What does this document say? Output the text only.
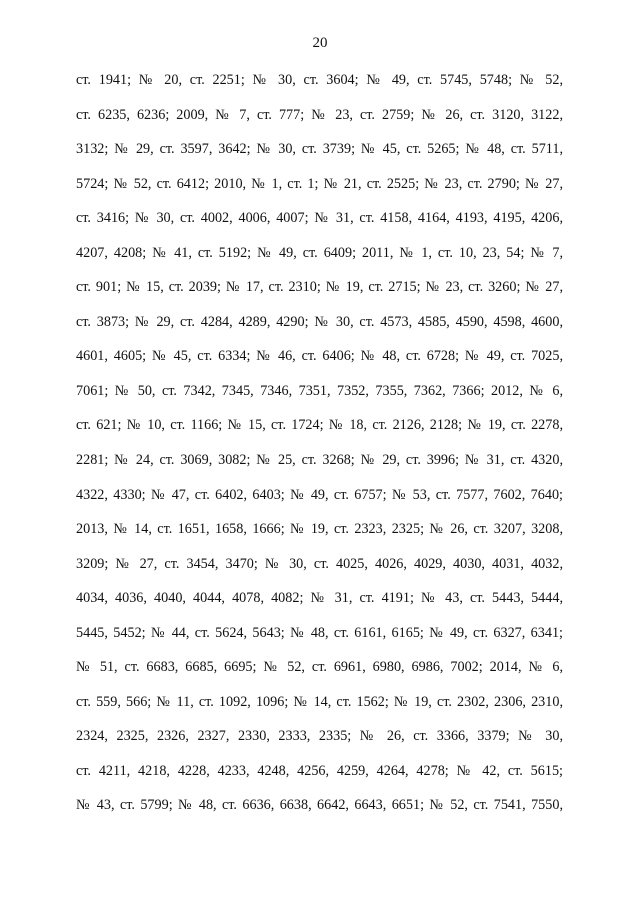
20
ст. 1941; № 20, ст. 2251; № 30, ст. 3604; № 49, ст. 5745, 5748; № 52,
ст. 6235, 6236; 2009, № 7, ст. 777; № 23, ст. 2759; № 26, ст. 3120, 3122,
3132; № 29, ст. 3597, 3642; № 30, ст. 3739; № 45, ст. 5265; № 48, ст. 5711,
5724; № 52, ст. 6412; 2010, № 1, ст. 1; № 21, ст. 2525; № 23, ст. 2790; № 27,
ст. 3416; № 30, ст. 4002, 4006, 4007; № 31, ст. 4158, 4164, 4193, 4195, 4206,
4207, 4208; № 41, ст. 5192; № 49, ст. 6409; 2011, № 1, ст. 10, 23, 54; № 7,
ст. 901; № 15, ст. 2039; № 17, ст. 2310; № 19, ст. 2715; № 23, ст. 3260; № 27,
ст. 3873; № 29, ст. 4284, 4289, 4290; № 30, ст. 4573, 4585, 4590, 4598, 4600,
4601, 4605; № 45, ст. 6334; № 46, ст. 6406; № 48, ст. 6728; № 49, ст. 7025,
7061; № 50, ст. 7342, 7345, 7346, 7351, 7352, 7355, 7362, 7366; 2012, № 6,
ст. 621; № 10, ст. 1166; № 15, ст. 1724; № 18, ст. 2126, 2128; № 19, ст. 2278,
2281; № 24, ст. 3069, 3082; № 25, ст. 3268; № 29, ст. 3996; № 31, ст. 4320,
4322, 4330; № 47, ст. 6402, 6403; № 49, ст. 6757; № 53, ст. 7577, 7602, 7640;
2013, № 14, ст. 1651, 1658, 1666; № 19, ст. 2323, 2325; № 26, ст. 3207, 3208,
3209; № 27, ст. 3454, 3470; № 30, ст. 4025, 4026, 4029, 4030, 4031, 4032,
4034, 4036, 4040, 4044, 4078, 4082; № 31, ст. 4191; № 43, ст. 5443, 5444,
5445, 5452; № 44, ст. 5624, 5643; № 48, ст. 6161, 6165; № 49, ст. 6327, 6341;
№ 51, ст. 6683, 6685, 6695; № 52, ст. 6961, 6980, 6986, 7002; 2014, № 6,
ст. 559, 566; № 11, ст. 1092, 1096; № 14, ст. 1562; № 19, ст. 2302, 2306, 2310,
2324, 2325, 2326, 2327, 2330, 2333, 2335; № 26, ст. 3366, 3379; № 30,
ст. 4211, 4218, 4228, 4233, 4248, 4256, 4259, 4264, 4278; № 42, ст. 5615;
№ 43, ст. 5799; № 48, ст. 6636, 6638, 6642, 6643, 6651; № 52, ст. 7541, 7550,
